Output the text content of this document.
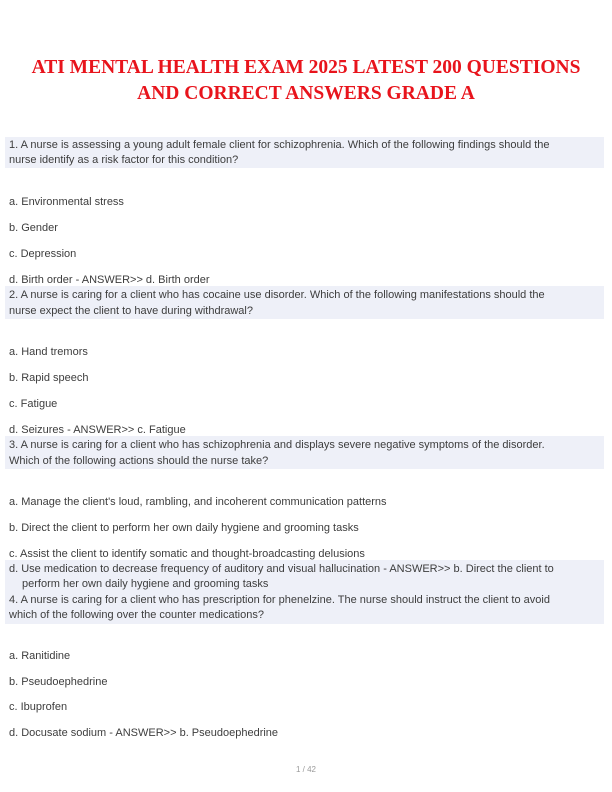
ATI MENTAL HEALTH EXAM 2025 LATEST 200 QUESTIONS
AND CORRECT ANSWERS GRADE A
1. A nurse is assessing a young adult female client for schizophrenia. Which of the following findings should the
nurse identify as a risk factor for this condition?
a. Environmental stress
b. Gender
c. Depression
d. Birth order - ANSWER>> d. Birth order
2. A nurse is caring for a client who has cocaine use disorder. Which of the following manifestations should the
nurse expect the client to have during withdrawal?
a. Hand tremors
b. Rapid speech
c. Fatigue
d. Seizures - ANSWER>> c. Fatigue
3. A nurse is caring for a client who has schizophrenia and displays severe negative symptoms of the disorder.
Which of the following actions should the nurse take?
a. Manage the client's loud, rambling, and incoherent communication patterns
b. Direct the client to perform her own daily hygiene and grooming tasks
c. Assist the client to identify somatic and thought-broadcasting delusions
d. Use medication to decrease frequency of auditory and visual hallucination - ANSWER>> b. Direct the client to
perform her own daily hygiene and grooming tasks
4. A nurse is caring for a client who has prescription for phenelzine. The nurse should instruct the client to avoid
which of the following over the counter medications?
a. Ranitidine
b. Pseudoephedrine
c. Ibuprofen
d. Docusate sodium - ANSWER>> b. Pseudoephedrine
1 / 42
